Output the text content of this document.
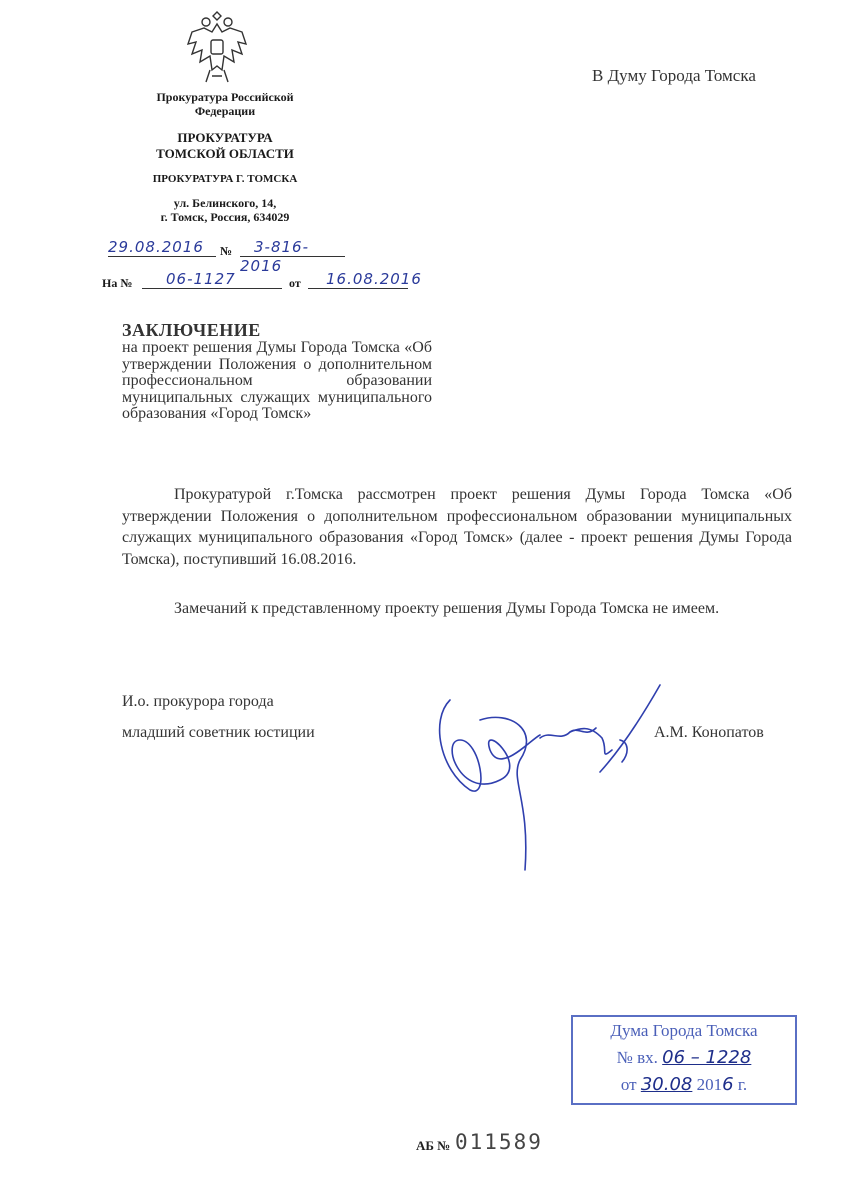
Прокуратура Российской
Федерации
ПРОКУРАТУРА
ТОМСКОЙ ОБЛАСТИ
ПРОКУРАТУРА Г. ТОМСКА
ул. Белинского, 14,
г. Томск, Россия, 634029
В Думу Города Томска
29.08.2016	№	3-816-2016
На №	06-1127	от	16.08.2016
ЗАКЛЮЧЕНИЕ
на проект решения Думы Города Томска «Об утверждении Положения о дополнительном профессиональном образовании муниципальных служащих муниципального образования «Город Томск»
Прокуратурой г.Томска рассмотрен проект решения Думы Города Томска «Об утверждении Положения о дополнительном профессиональном образовании муниципальных служащих муниципального образования «Город Томск» (далее - проект решения Думы Города Томска), поступивший 16.08.2016.
Замечаний к представленному проекту решения Думы Города Томска не имеем.
И.о. прокурора города
младший советник юстиции	А.М. Конопатов
Дума Города Томска
№ вх. 06 – 1228
от 30.08 2016 г.
АБ № 011589
